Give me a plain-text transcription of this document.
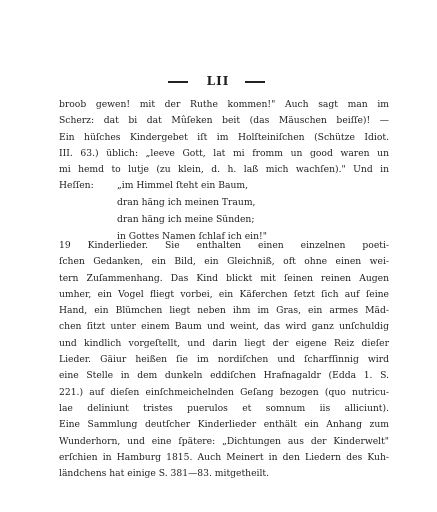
LII
broob gewen! mit der Ruthe kommen!" Auch sagt man im
Scherz: dat bi dat Mûſeken beit (das Mäuschen beiſſe)! —
Ein hüſches Kindergebet iſt im Holſteiniſchen (Schütze Idiot.
III. 63.) üblich: „leeve Gott, lat mi fromm un good waren un
mi hemd to lutje (zu klein, d. h. laß mich wachſen)." Und in
Heſſen:	„im Himmel ſteht ein Baum,
dran häng ich meinen Traum,
dran häng ich meine Sünden;
in Gottes Namen ſchlaf ich ein!"
19 Kinderlieder. Sie enthalten einen einzelnen poeti-
ſchen Gedanken, ein Bild, ein Gleichniß, oft ohne einen wei-
tern Zuſammenhang. Das Kind blickt mit ſeinen reinen Augen
umher, ein Vogel fliegt vorbei, ein Käferchen ſetzt ſich auf ſeine
Hand, ein Blümchen liegt neben ihm im Gras, ein armes Mäd-
chen ſitzt unter einem Baum und weint, das wird ganz unſchuldig
und kindlich vorgeſtellt, und darin liegt der eigene Reiz dieſer
Lieder. Gäiur heißen ſie im nordiſchen und ſcharfſinnig wird
eine Stelle in dem dunkeln eddiſchen Hrafnagaldr (Edda 1. S.
221.) auf dieſen einſchmeichelnden Geſang bezogen (quo nutricu-
lae deliniunt tristes puerulos et somnum iis alliciunt).
Eine Sammlung deutſcher Kinderlieder enthält ein Anhang zum
Wunderhorn, und eine ſpätere: „Dichtungen aus der Kinderwelt"
erſchien in Hamburg 1815. Auch Meinert in den Liedern des Kuh-
ländchens hat einige S. 381—83. mitgetheilt.
